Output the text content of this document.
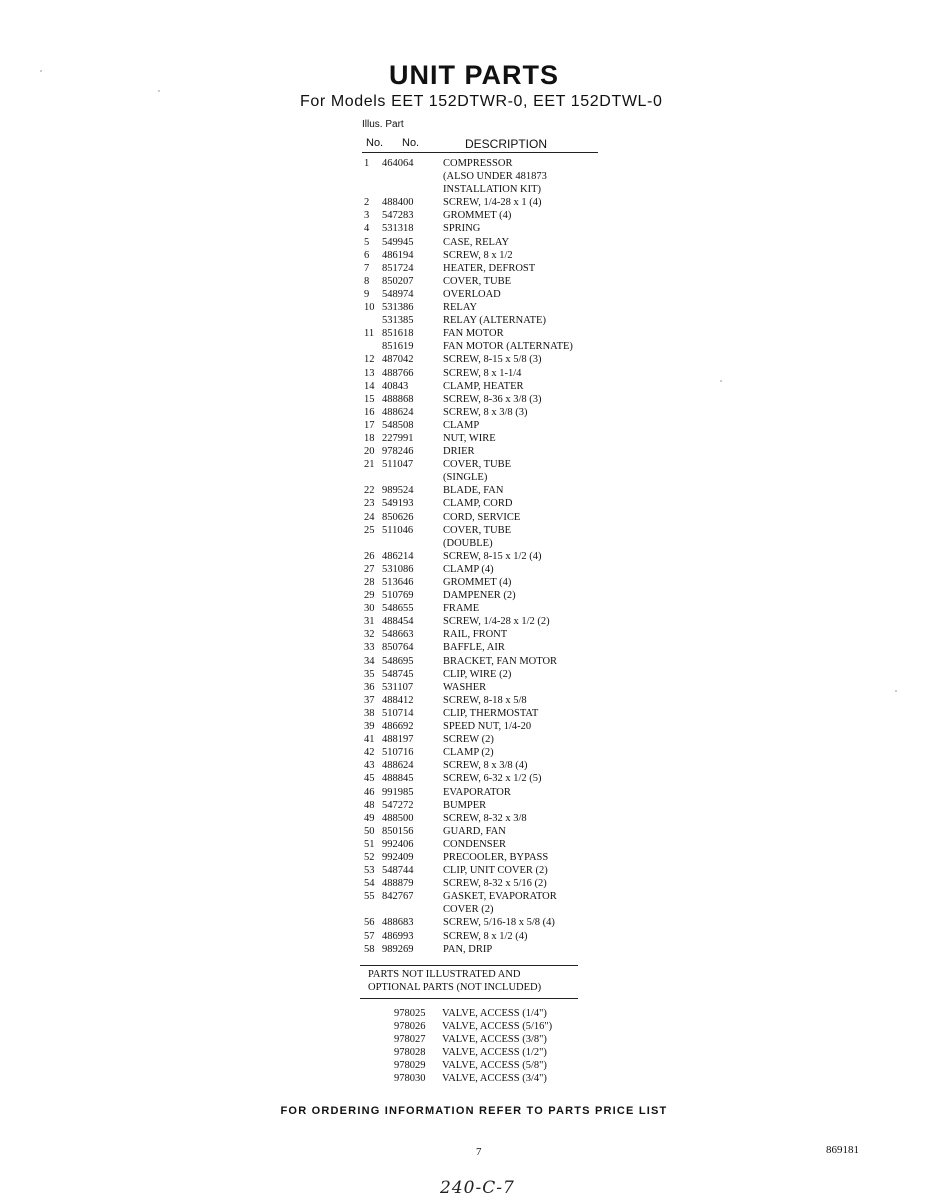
UNIT PARTS
For Models EET 152DTWR-0, EET 152DTWL-0
Illus. Part
No. No.	DESCRIPTION
1	464064	COMPRESSOR
(ALSO UNDER 481873
INSTALLATION KIT)
2	488400	SCREW, 1/4-28 x 1 (4)
3	547283	GROMMET (4)
4	531318	SPRING
5	549945	CASE, RELAY
6	486194	SCREW, 8 x 1/2
7	851724	HEATER, DEFROST
8	850207	COVER, TUBE
9	548974	OVERLOAD
10 531386	RELAY
531385	RELAY (ALTERNATE)
11 851618	FAN MOTOR
851619	FAN MOTOR (ALTERNATE)
12 487042	SCREW, 8-15 x 5/8 (3)
13 488766	SCREW, 8 x 1-1/4
14 40843	CLAMP, HEATER
15 488868	SCREW, 8-36 x 3/8 (3)
16 488624	SCREW, 8 x 3/8 (3)
17 548508	CLAMP
18 227991	NUT, WIRE
20 978246	DRIER
21 511047	COVER, TUBE
(SINGLE)
22 989524	BLADE, FAN
23 549193	CLAMP, CORD
24 850626	CORD, SERVICE
25 511046	COVER, TUBE
(DOUBLE)
26 486214	SCREW, 8-15 x 1/2 (4)
27 531086	CLAMP (4)
28 513646	GROMMET (4)
29 510769	DAMPENER (2)
30 548655	FRAME
31 488454	SCREW, 1/4-28 x 1/2 (2)
32 548663	RAIL, FRONT
33 850764	BAFFLE, AIR
34 548695	BRACKET, FAN MOTOR
35 548745	CLIP, WIRE (2)
36 531107	WASHER
37 488412	SCREW, 8-18 x 5/8
38 510714	CLIP, THERMOSTAT
39 486692	SPEED NUT, 1/4-20
41 488197	SCREW (2)
42 510716	CLAMP (2)
43 488624	SCREW, 8 x 3/8 (4)
45 488845	SCREW, 6-32 x 1/2 (5)
46 991985	EVAPORATOR
48 547272	BUMPER
49 488500	SCREW, 8-32 x 3/8
50 850156	GUARD, FAN
51 992406	CONDENSER
52 992409	PRECOOLER, BYPASS
53 548744	CLIP, UNIT COVER (2)
54 488879	SCREW, 8-32 x 5/16 (2)
55 842767	GASKET, EVAPORATOR
COVER (2)
56 488683	SCREW, 5/16-18 x 5/8 (4)
57 486993	SCREW, 8 x 1/2 (4)
58 989269	PAN, DRIP
PARTS NOT ILLUSTRATED AND
OPTIONAL PARTS (NOT INCLUDED)
978025 VALVE, ACCESS (1/4")
978026 VALVE, ACCESS (5/16")
978027 VALVE, ACCESS (3/8")
978028 VALVE, ACCESS (1/2")
978029 VALVE, ACCESS (5/8")
978030 VALVE, ACCESS (3/4")
FOR ORDERING INFORMATION REFER TO PARTS PRICE LIST
7	869181
240-C-7
